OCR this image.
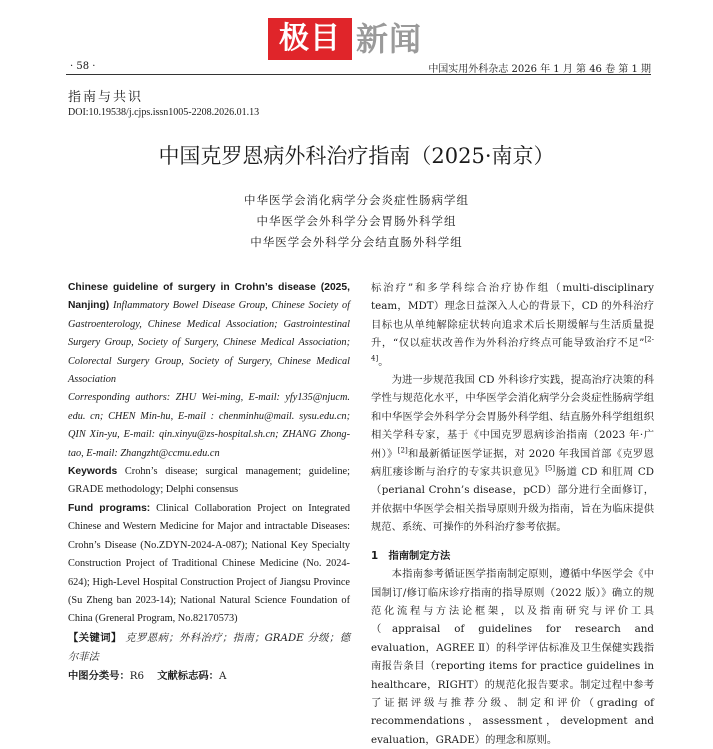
极目 新闻
· 58 ·	中国实用外科杂志 2026 年 1 月 第 46 卷 第 1 期
指南与共识
DOI:10.19538/j.cjps.issn1005-2208.2026.01.13
中国克罗恩病外科治疗指南（2025·南京）
中华医学会消化病学分会炎症性肠病学组
中华医学会外科学分会胃肠外科学组
中华医学会外科学分会结直肠外科学组

Chinese guideline of surgery in Crohn’s disease (2025, Nanjing) Inflammatory Bowel Disease Group, Chinese Society of Gastroenterology, Chinese Medical Association; Gastrointestinal Surgery Group, Society of Surgery, Chinese Medical Association; Colorectal Surgery Group, Society of Surgery, Chinese Medical Association

Corresponding authors: ZHU Wei-ming, E-mail: yfy135@njucm. edu. cn; CHEN Min-hu, E-mail : chenminhu@mail. sysu.edu.cn; QIN Xin-yu, E-mail: qin.xinyu@zs-hospital.sh.cn; ZHANG Zhong-tao, E-mail: Zhangzht@ccmu.edu.cn

Keywords Crohn’s disease; surgical management; guideline; GRADE methodology; Delphi consensus

Fund programs: Clinical Collaboration Project on Integrated Chinese and Western Medicine for Major and intractable Diseases: Crohn’s Disease (No.ZDYN-2024-A-087); National Key Specialty Construction Project of Traditional Chinese Medicine (No. 2024-624); High-Level Hospital Construction Project of Jiangsu Province (Su Zheng ban 2023-14); National Natural Science Foundation of China (Greneral Program, No.82170573)

【关键词】 克罗恩病；外科治疗；指南；GRADE 分级；德尔菲法

中图分类号：R6 文献标志码：A

标治疗”和多学科综合治疗协作组（multi-disciplinary team，MDT）理念日益深入人心的背景下，CD 的外科治疗目标也从单纯解除症状转向追求术后长期缓解与生活质量提升，“仅以症状改善作为外科治疗终点可能导致治疗不足”[2-4]。

为进一步规范我国 CD 外科诊疗实践，提高治疗决策的科学性与规范化水平，中华医学会消化病学分会炎症性肠病学组和中华医学会外科学分会胃肠外科学组、结直肠外科学组组织相关学科专家，基于《中国克罗恩病诊治指南（2023 年·广州）》[2]和最新循证医学证据，对 2020 年我国首部《克罗恩病肛瘘诊断与治疗的专家共识意见》[5]肠道 CD 和肛周 CD（perianal Crohn’s disease，pCD）部分进行全面修订，并依据中华医学会相关指导原则升级为指南，旨在为临床提供规范、系统、可操作的外科治疗参考依据。

1　指南制定方法

本指南参考循证医学指南制定原则，遵循中华医学会《中国制订/修订临床诊疗指南的指导原则（2022 版）》确立的规范化流程与方法论框架，以及指南研究与评价工具（appraisal of guidelines for research and evaluation，AGREE Ⅱ）的科学评估标准及卫生保健实践指南报告条目（reporting items for practice guidelines in healthcare，RIGHT）的规范化报告要求。制定过程中参考了证据评级与推荐分级、制定和评价（grading of recommendations，assessment，development and evaluation，GRADE）的理念和原则。
